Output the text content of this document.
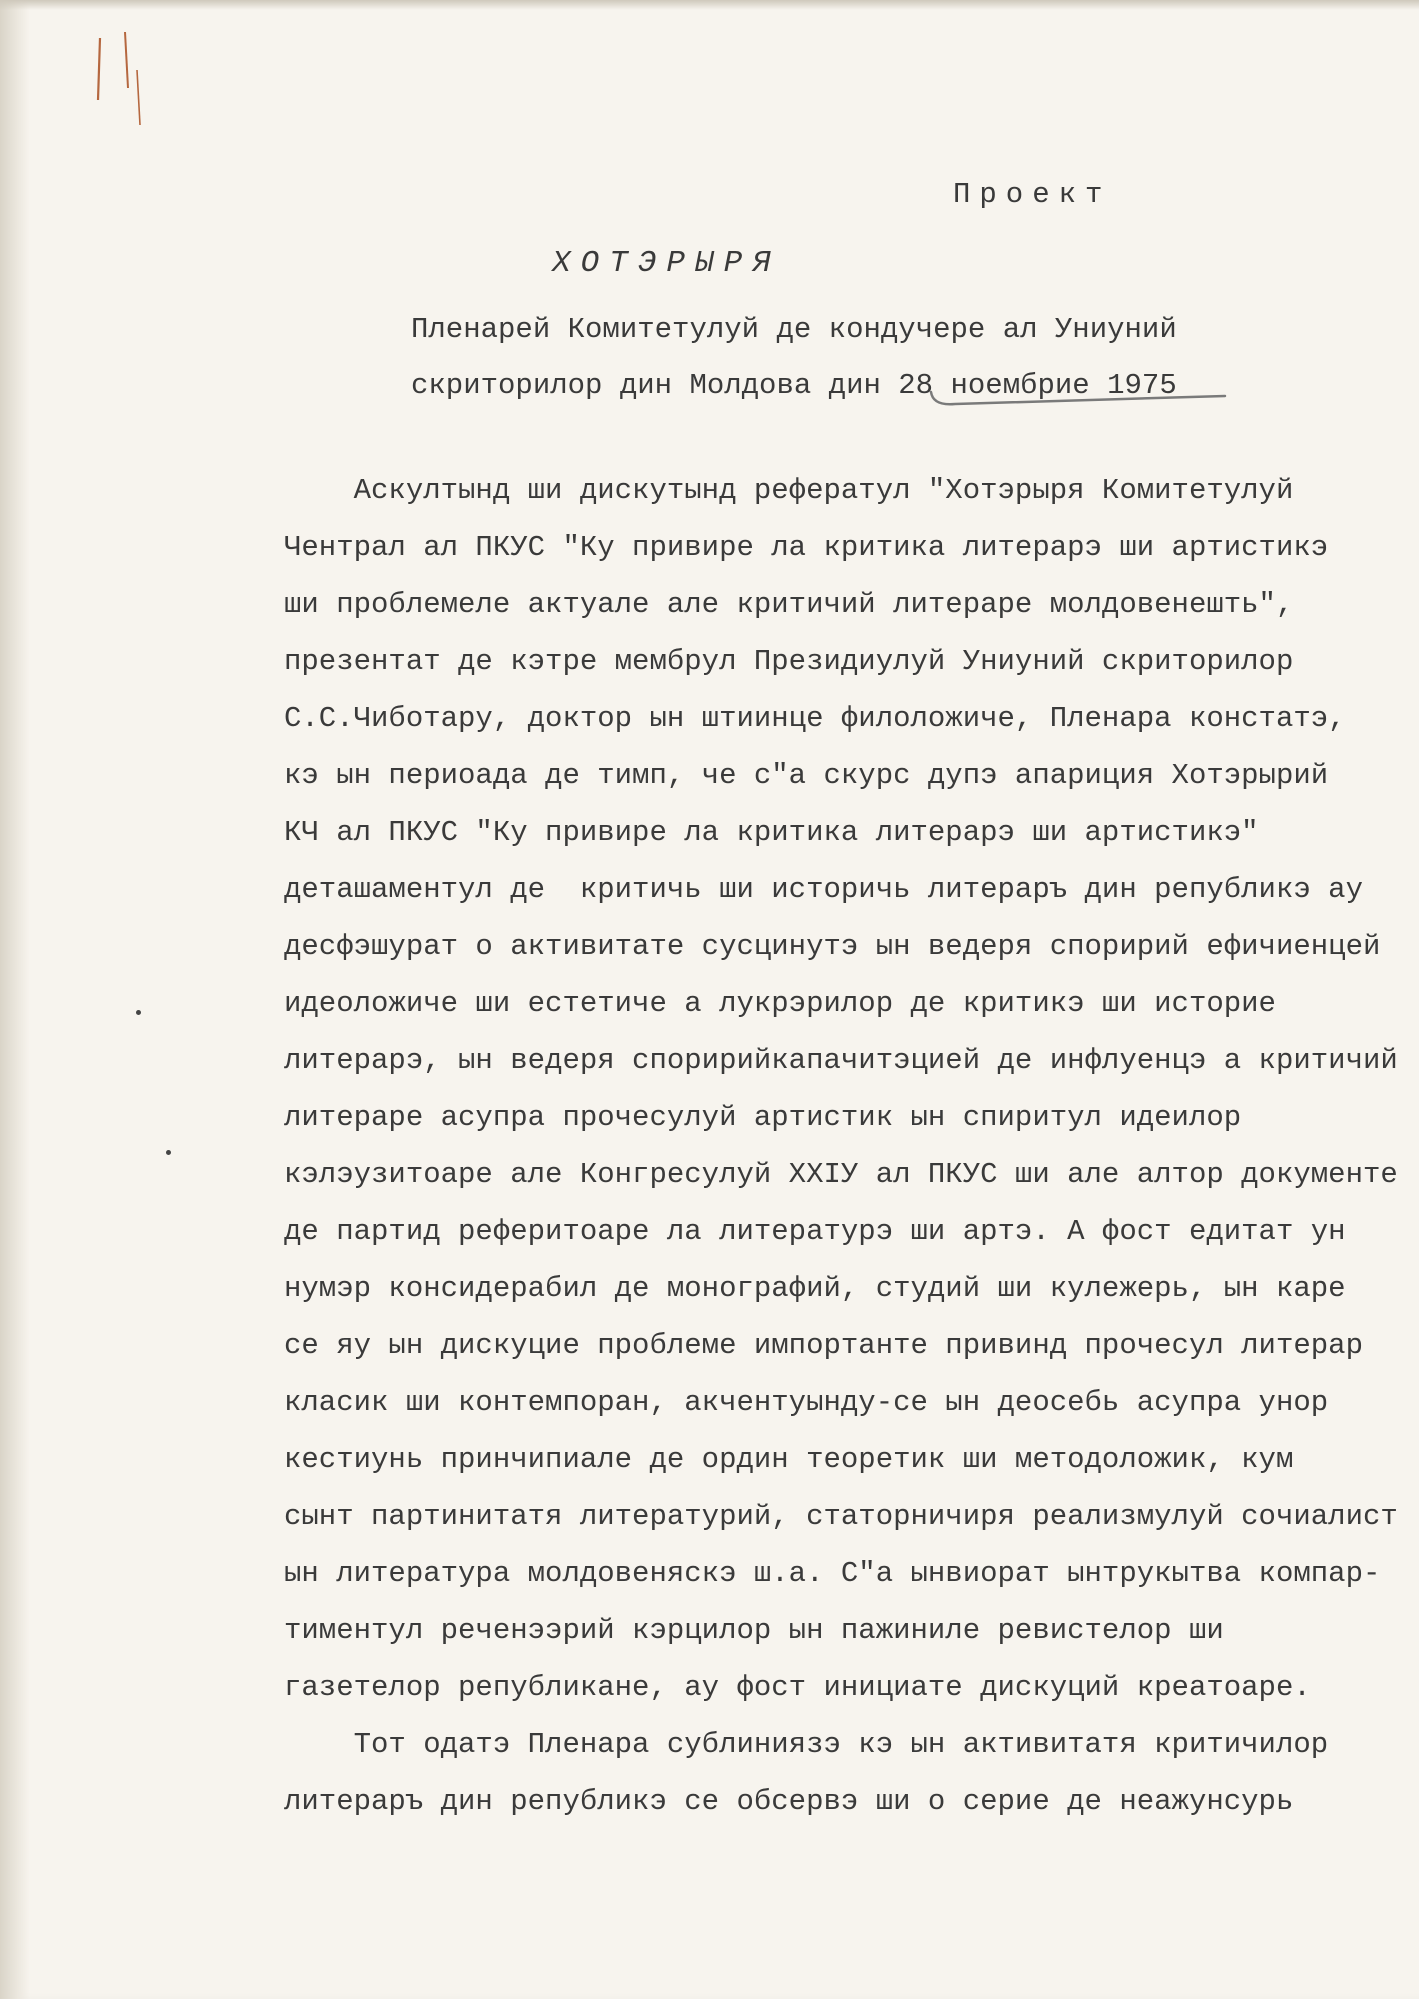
Проект
ХОТЭРЫРЯ
Пленарей Комитетулуй де кондучере ал Униуний
скриторилор дин Молдова дин 28 ноембрие 1975
Аскултынд ши дискутынд рефератул "Хотэрыря Комитетулуй
Чентрал ал ПКУС "Ку привире ла критика литерарэ ши артистикэ
ши проблемеле актуале але критичий литераре молдовенешть",
презентат де кэтре мембрул Президиулуй Униуний скриторилор
С.С.Чиботару, доктор ын штиинце филоложиче, Пленара констатэ,
кэ ын периоада де тимп, че с"а скурс дупэ апариция Хотэрырий
КЧ ал ПКУС "Ку привире ла критика литерарэ ши артистикэ"
деташаментул де  критичь ши историчь литераръ дин републикэ ау
десфэшурат о активитате сусцинутэ ын ведеря споририй ефичиенцей
идеоложиче ши естетиче а лукрэрилор де критикэ ши историе
литерарэ, ын ведеря споририйкапачитэцией де инфлуенцэ а критичий
литераре асупра прочесулуй артистик ын спиритул идеилор
кэлэузитоаре але Конгресулуй ХХIУ ал ПКУС ши але алтор документе
де партид реферитоаре ла литературэ ши артэ. А фост едитат ун
нумэр консидерабил де монографий, студий ши кулежерь, ын каре
се яу ын дискуцие проблеме импортанте привинд прочесул литерар
класик ши контемпоран, акчентуындy-се ын деосебь асупра унор
кестиунь принчипиале де ордин теоретик ши методоложик, кум
сынт партинитатя литературий, статорничиря реализмулуй сочиалист
ын литература молдовеняскэ ш.а. С"а ынвиорат ынтрукытва компар-
тиментул реченээрий кэрцилор ын пажиниле ревистелор ши
газетелор републикане, ау фост инициате дискуций креатоаре.
Тот одатэ Пленара сублиниязэ кэ ын активитатя критичилор
литераръ дин републикэ се обсервэ ши о серие де неажунсурь
